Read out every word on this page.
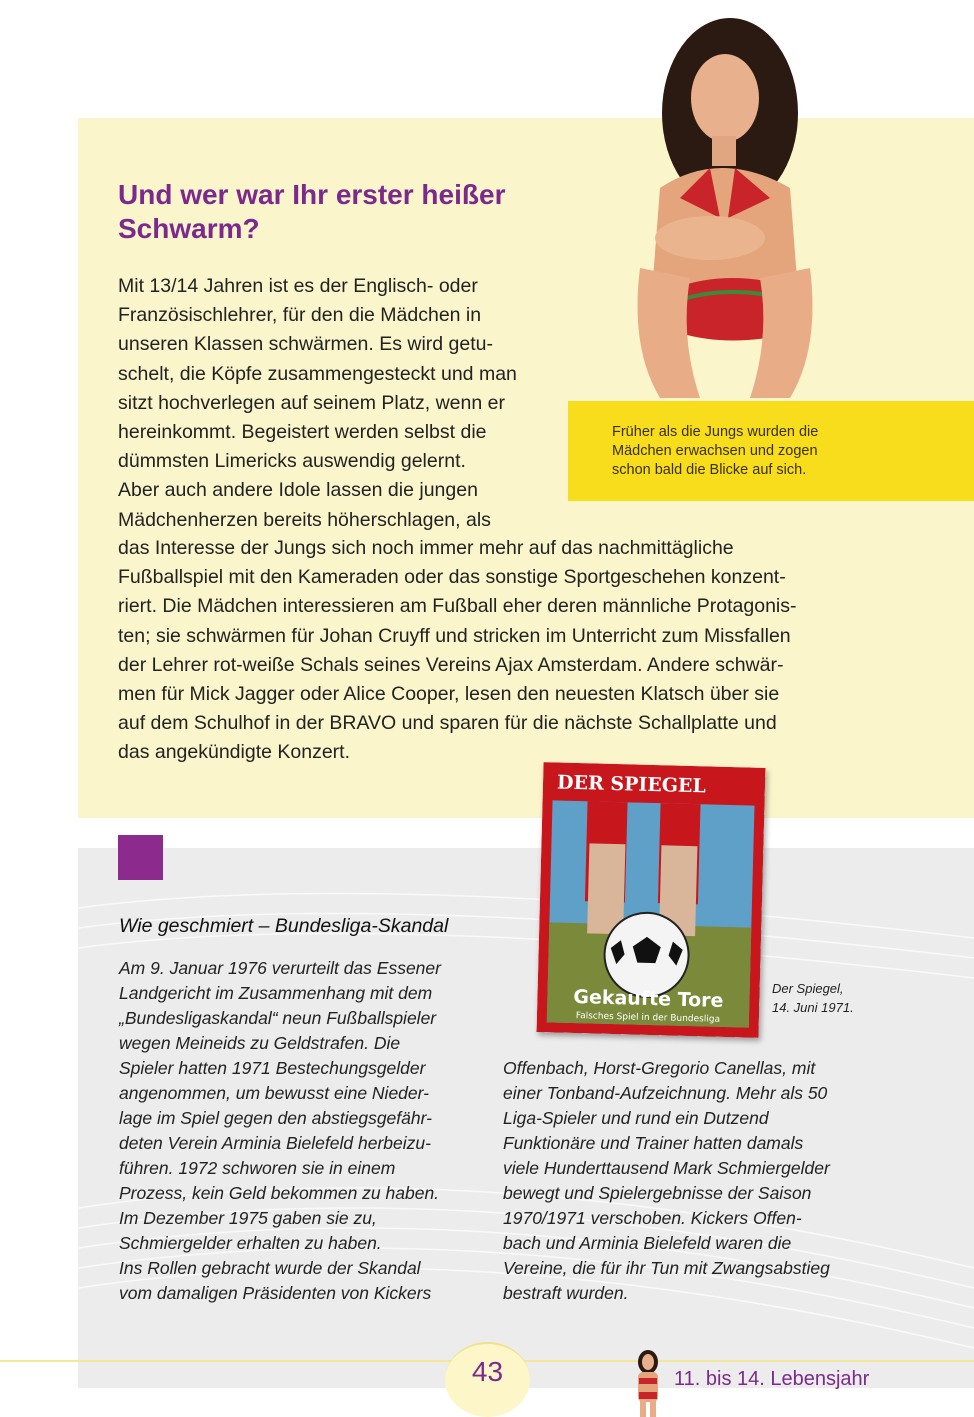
Früher als die Jungs wurden die
Mädchen erwachsen und zogen
schon bald die Blicke auf sich.
Und wer war Ihr erster heißer Schwarm?

Mit 13/14 Jahren ist es der Englisch- oder
Französischlehrer, für den die Mädchen in
unseren Klassen schwärmen. Es wird getu-
schelt, die Köpfe zusammengesteckt und man
sitzt hochverlegen auf seinem Platz, wenn er
hereinkommt. Begeistert werden selbst die
dümmsten Limericks auswendig gelernt.
Aber auch andere Idole lassen die jungen
Mädchenherzen bereits höherschlagen, als

das Interesse der Jungs sich noch immer mehr auf das nachmittägliche
Fußballspiel mit den Kameraden oder das sonstige Sportgeschehen konzent-
riert. Die Mädchen interessieren am Fußball eher deren männliche Protagonis-
ten; sie schwärmen für Johan Cruyff und stricken im Unterricht zum Missfallen
der Lehrer rot-weiße Schals seines Vereins Ajax Amsterdam. Andere schwär-
men für Mick Jagger oder Alice Cooper, lesen den neuesten Klatsch über sie
auf dem Schulhof in der BRAVO und sparen für die nächste Schallplatte und
das angekündigte Konzert.

Wie geschmiert – Bundesliga-Skandal
Am 9. Januar 1976 verurteilt das Essener
Landgericht im Zusammenhang mit dem
„Bundesligaskandal“ neun Fußballspieler
wegen Meineids zu Geldstrafen. Die
Spieler hatten 1971 Bestechungsgelder
angenommen, um bewusst eine Nieder-
lage im Spiel gegen den abstiegsgefähr-
deten Verein Arminia Bielefeld herbeizu-
führen. 1972 schworen sie in einem
Prozess, kein Geld bekommen zu haben.
Im Dezember 1975 gaben sie zu,
Schmiergelder erhalten zu haben.
Ins Rollen gebracht wurde der Skandal
vom damaligen Präsidenten von Kickers
Offenbach, Horst-Gregorio Canellas, mit
einer Tonband-Aufzeichnung. Mehr als 50
Liga-Spieler und rund ein Dutzend
Funktionäre und Trainer hatten damals
viele Hunderttausend Mark Schmiergelder
bewegt und Spielergebnisse der Saison
1970/1971 verschoben. Kickers Offen-
bach und Arminia Bielefeld waren die
Vereine, die für ihr Tun mit Zwangsabstieg
bestraft wurden.
DER SPIEGEL
Gekaufte Tore
Falsches Spiel in der Bundesliga
Der Spiegel,
14. Juni 1971.
43	11. bis 14. Lebensjahr
